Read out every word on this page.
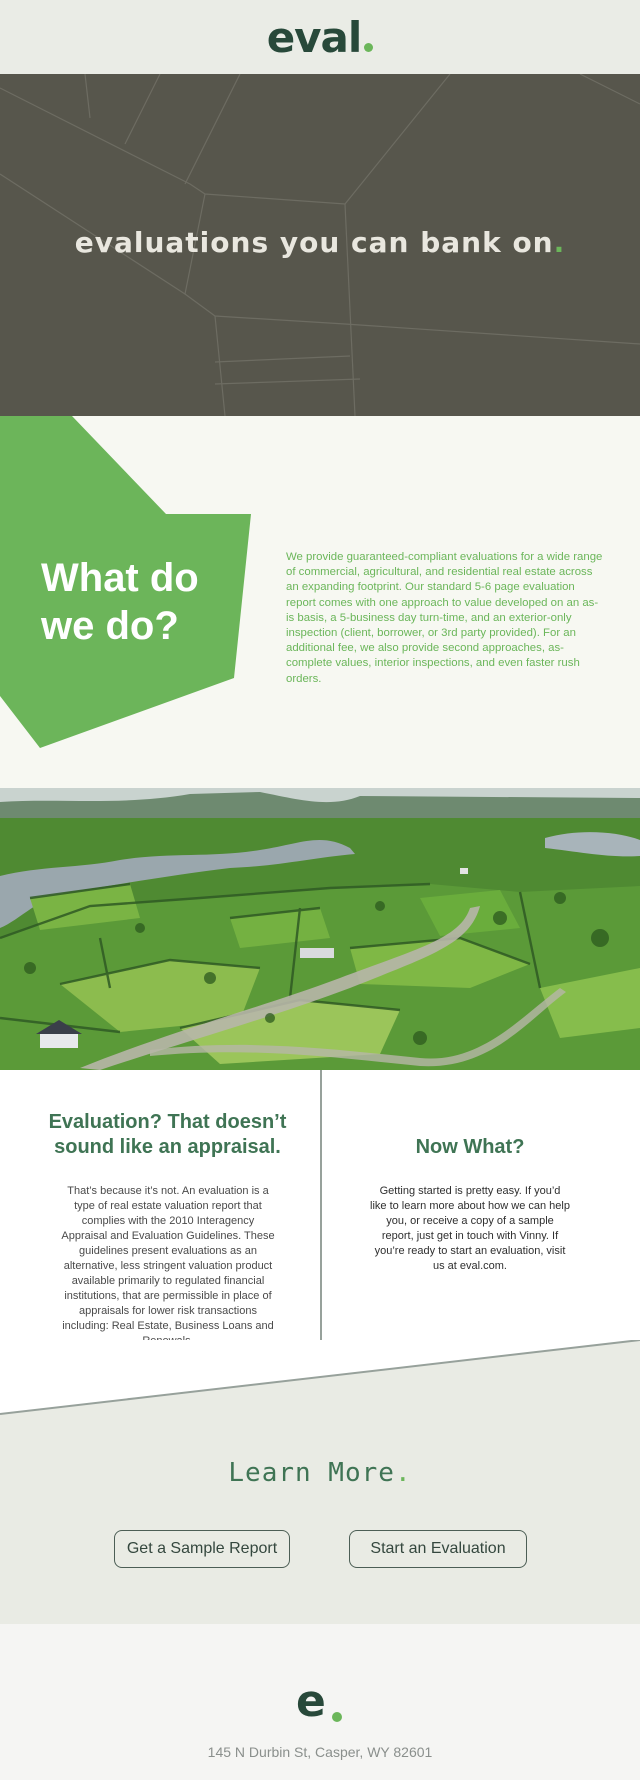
eval
evaluations you can bank on.
What do we do?
We provide guaranteed-compliant evaluations for a wide range of commercial, agricultural, and residential real estate across an expanding footprint. Our standard 5-6 page evaluation report comes with one approach to value developed on an as-is basis, a 5-business day turn-time, and an exterior-only inspection (client, borrower, or 3rd party provided). For an additional fee, we also provide second approaches, as-complete values, interior inspections, and even faster rush orders.
Evaluation? That doesn’t sound like an appraisal.
That’s because it’s not. An evaluation is a type of real estate valuation report that complies with the 2010 Interagency Appraisal and Evaluation Guidelines. These guidelines present evaluations as an alternative, less stringent valuation product available primarily to regulated financial institutions, that are permissible in place of appraisals for lower risk transactions including: Real Estate, Business Loans and
Now What?
Getting started is pretty easy. If you’d like to learn more about how we can help you, or receive a copy of a sample report, just get in touch with Vinny. If you’re ready to start an evaluation, visit us at eval.com.
Learn More.
Get a Sample Report	Start an Evaluation
e
145 N Durbin St, Casper, WY 82601
